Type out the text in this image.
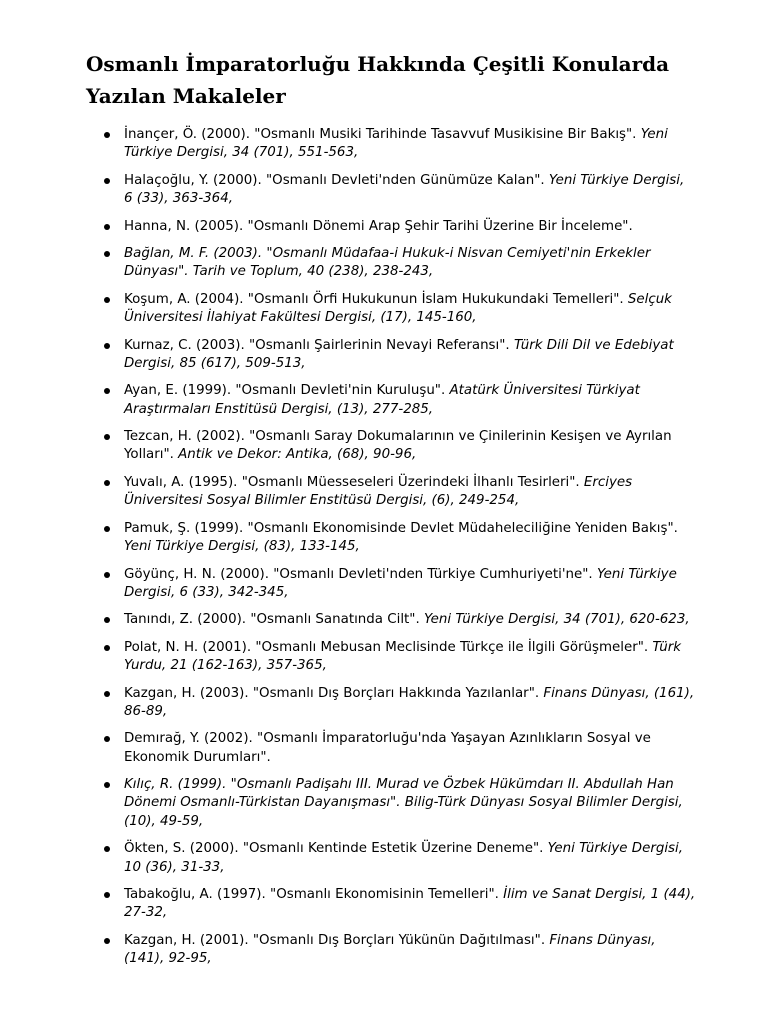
Osmanlı İmparatorluğu Hakkında Çeşitli Konularda Yazılan Makaleler
İnançer, Ö. (2000). "Osmanlı Musiki Tarihinde Tasavvuf Musikisine Bir Bakış". Yeni Türkiye Dergisi, 34 (701), 551-563,
Halaçoğlu, Y. (2000). "Osmanlı Devleti'nden Günümüze Kalan". Yeni Türkiye Dergisi, 6 (33), 363-364,
Hanna, N. (2005). "Osmanlı Dönemi Arap Şehir Tarihi Üzerine Bir İnceleme".
Bağlan, M. F. (2003). "Osmanlı Müdafaa-i Hukuk-i Nisvan Cemiyeti'nin Erkekler Dünyası". Tarih ve Toplum, 40 (238), 238-243,
Koşum, A. (2004). "Osmanlı Örfi Hukukunun İslam Hukukundaki Temelleri". Selçuk Üniversitesi İlahiyat Fakültesi Dergisi, (17), 145-160,
Kurnaz, C. (2003). "Osmanlı Şairlerinin Nevayi Referansı". Türk Dili Dil ve Edebiyat Dergisi, 85 (617), 509-513,
Ayan, E. (1999). "Osmanlı Devleti'nin Kuruluşu". Atatürk Üniversitesi Türkiyat Araştırmaları Enstitüsü Dergisi, (13), 277-285,
Tezcan, H. (2002). "Osmanlı Saray Dokumalarının ve Çinilerinin Kesişen ve Ayrılan Yolları". Antik ve Dekor: Antika, (68), 90-96,
Yuvalı, A. (1995). "Osmanlı Müesseseleri Üzerindeki İlhanlı Tesirleri". Erciyes Üniversitesi Sosyal Bilimler Enstitüsü Dergisi, (6), 249-254,
Pamuk, Ş. (1999). "Osmanlı Ekonomisinde Devlet Müdaheleciliğine Yeniden Bakış". Yeni Türkiye Dergisi, (83), 133-145,
Göyünç, H. N. (2000). "Osmanlı Devleti'nden Türkiye Cumhuriyeti'ne". Yeni Türkiye Dergisi, 6 (33), 342-345,
Tanındı, Z. (2000). "Osmanlı Sanatında Cilt". Yeni Türkiye Dergisi, 34 (701), 620-623,
Polat, N. H. (2001). "Osmanlı Mebusan Meclisinde Türkçe ile İlgili Görüşmeler". Türk Yurdu, 21 (162-163), 357-365,
Kazgan, H. (2003). "Osmanlı Dış Borçları Hakkında Yazılanlar". Finans Dünyası, (161), 86-89,
Demırağ, Y. (2002). "Osmanlı İmparatorluğu'nda Yaşayan Azınlıkların Sosyal ve Ekonomik Durumları".
Kılıç, R. (1999). "Osmanlı Padişahı III. Murad ve Özbek Hükümdarı II. Abdullah Han Dönemi Osmanlı-Türkistan Dayanışması". Bilig-Türk Dünyası Sosyal Bilimler Dergisi, (10), 49-59,
Ökten, S. (2000). "Osmanlı Kentinde Estetik Üzerine Deneme". Yeni Türkiye Dergisi, 10 (36), 31-33,
Tabakoğlu, A. (1997). "Osmanlı Ekonomisinin Temelleri". İlim ve Sanat Dergisi, 1 (44), 27-32,
Kazgan, H. (2001). "Osmanlı Dış Borçları Yükünün Dağıtılması". Finans Dünyası, (141), 92-95,
